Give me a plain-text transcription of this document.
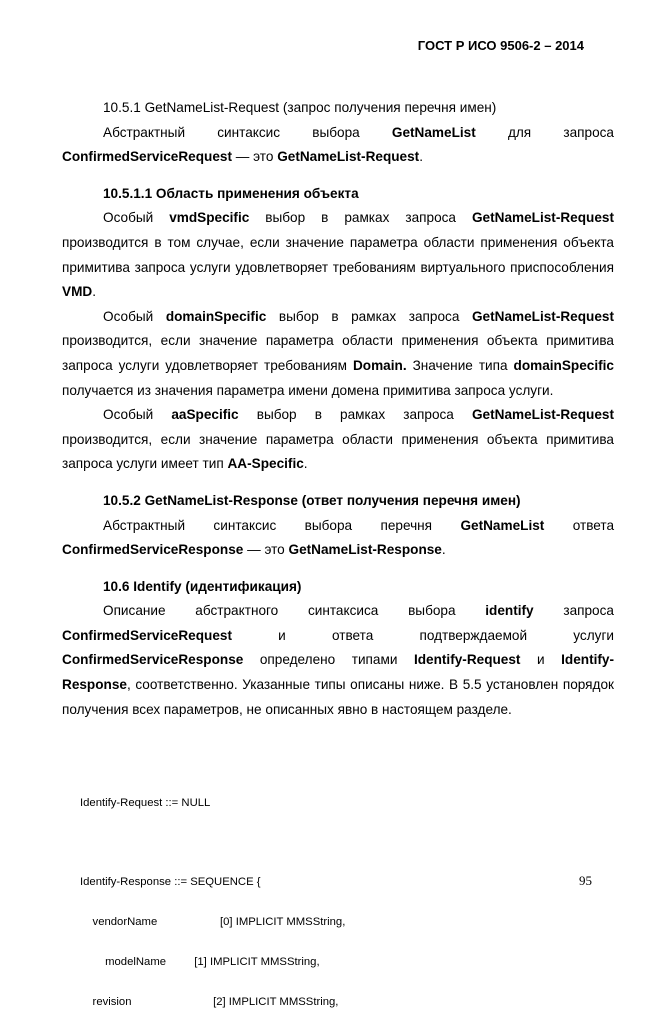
ГОСТ Р ИСО 9506-2 – 2014

10.5.1 GetNameList-Request (запрос получения перечня имен)

Абстрактный синтаксис выбора GetNameList для запроса ConfirmedServiceRequest — это GetNameList-Request.

10.5.1.1 Область применения объекта

Особый vmdSpecific выбор в рамках запроса GetNameList-Request производится в том случае, если значение параметра области применения объекта примитива запроса услуги удовлетворяет требованиям виртуального приспособления VMD.

Особый domainSpecific выбор в рамках запроса GetNameList-Request производится, если значение параметра области применения объекта примитива запроса услуги удовлетворяет требованиям Domain. Значение типа domainSpecific получается из значения параметра имени домена примитива запроса услуги.

Особый aaSpecific выбор в рамках запроса GetNameList-Request производится, если значение параметра области применения объекта примитива запроса услуги имеет тип AA-Specific.

10.5.2 GetNameList-Response (ответ получения перечня имен)

Абстрактный синтаксис выбора перечня GetNameList ответа ConfirmedServiceResponse — это GetNameList-Response.

10.6 Identify (идентификация)

Описание абстрактного синтаксиса выбора identify запроса ConfirmedServiceRequest и ответа подтверждаемой услуги ConfirmedServiceResponse определено типами Identify-Request и Identify-Response, соответственно. Указанные типы описаны ниже. В 5.5 установлен порядок получения всех параметров, не описанных явно в настоящем разделе.

Identify-Request ::= NULL

Identify-Response ::= SEQUENCE {

vendorName                    [0] IMPLICIT MMSString,

modelName         [1] IMPLICIT MMSString,

revision                          [2] IMPLICIT MMSString,

95
